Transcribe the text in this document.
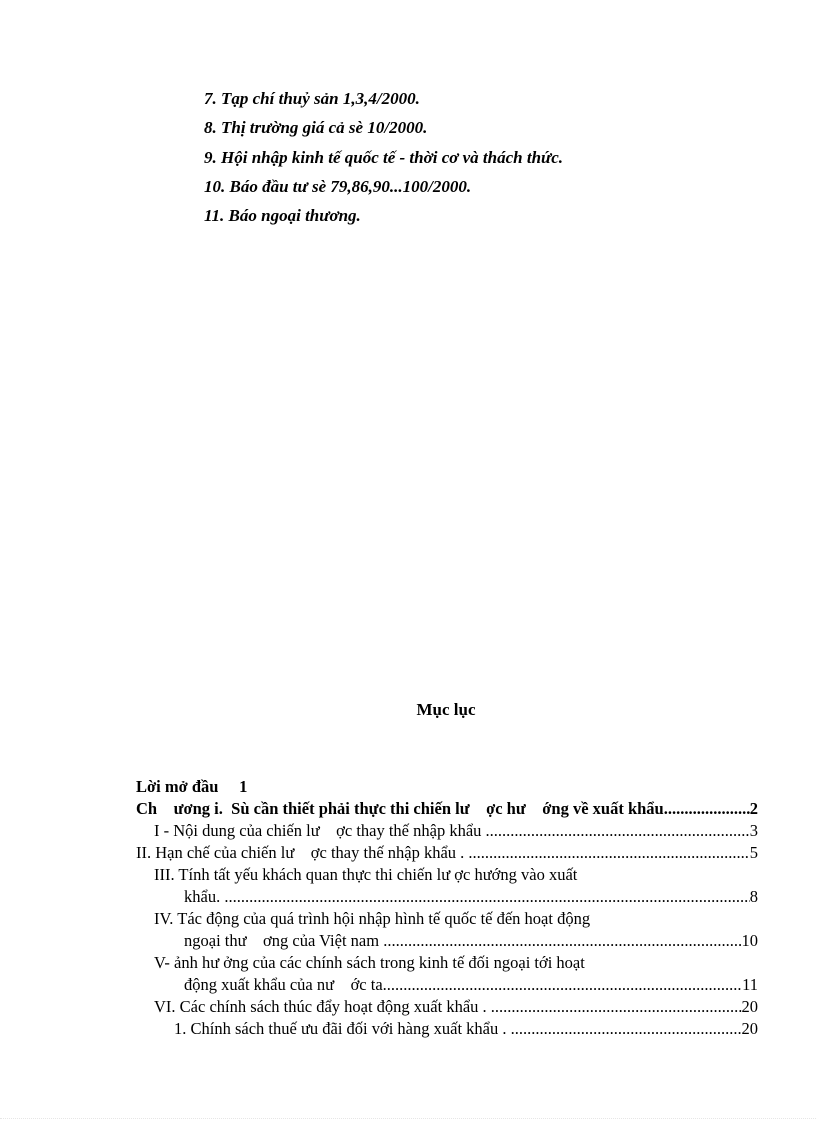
7. Tạp chí thuỷ sản 1,3,4/2000.
8. Thị trường giá cả sè 10/2000.
9. Hội nhập kinh tế quốc tế - thời cơ và thách thức.
10. Báo đầu tư sè 79,86,90...100/2000.
11. Báo ngoại thương.
Mục lục
Lời mở đầu 1
Ch    ương i.  Sù cần thiết phải thực thi chiến lư    ợc hư    ớng về xuất khẩu .....	2
I - Nội dung của chiến lư    ợc thay thế nhập khẩu .....	3
II. Hạn chế của chiến lư    ợc thay thế nhập khẩu . .....	5
III. Tính tất yếu khách quan thực thi chiến lư ợc hướng vào xuất
khẩu. .....	8
IV. Tác động của quá trình hội nhập hình tế quốc tế đến hoạt động
ngoại thư    ơng của Việt nam .....	10
V- ảnh hư ởng của các chính sách trong kinh tế đối ngoại tới hoạt
động xuất khẩu của nư    ớc ta. .....	11
VI. Các chính sách thúc đẩy hoạt động xuất khẩu . .....	20
1. Chính sách thuế ưu đãi đối với hàng xuất khẩu . .....	20
